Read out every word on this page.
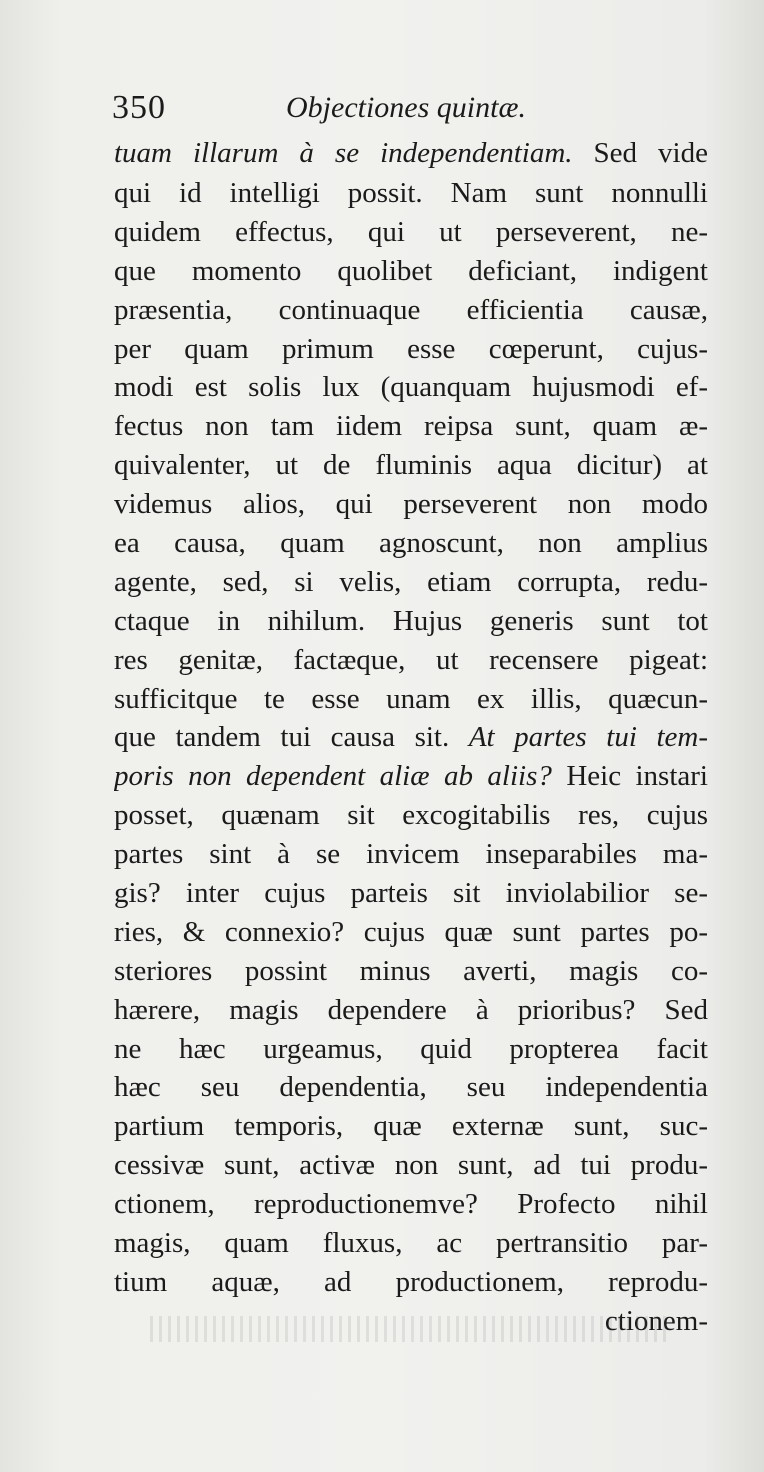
350	Objectiones quintæ.
tuam illarum à se independentiam. Sed vide
qui id intelligi possit. Nam sunt nonnulli
quidem effectus, qui ut perseverent, ne-
que momento quolibet deficiant, indigent
præsentia, continuaque efficientia causæ,
per quam primum esse cœperunt, cujus-
modi est solis lux (quanquam hujusmodi ef-
fectus non tam iidem reipsa sunt, quam æ-
quivalenter, ut de fluminis aqua dicitur) at
videmus alios, qui perseverent non modo
ea causa, quam agnoscunt, non amplius
agente, sed, si velis, etiam corrupta, redu-
ctaque in nihilum. Hujus generis sunt tot
res genitæ, factæque, ut recensere pigeat:
sufficitque te esse unam ex illis, quæcun-
que tandem tui causa sit. At partes tui tem-
poris non dependent aliæ ab aliis? Heic instari
posset, quænam sit excogitabilis res, cujus
partes sint à se invicem inseparabiles ma-
gis? inter cujus parteis sit inviolabilior se-
ries, & connexio? cujus quæ sunt partes po-
steriores possint minus averti, magis co-
hærere, magis dependere à prioribus? Sed
ne hæc urgeamus, quid propterea facit
hæc seu dependentia, seu independentia
partium temporis, quæ externæ sunt, suc-
cessivæ sunt, activæ non sunt, ad tui produ-
ctionem, reproductionemve? Profecto nihil
magis, quam fluxus, ac pertransitio par-
tium aquæ, ad productionem, reprodu-
ctionem-
